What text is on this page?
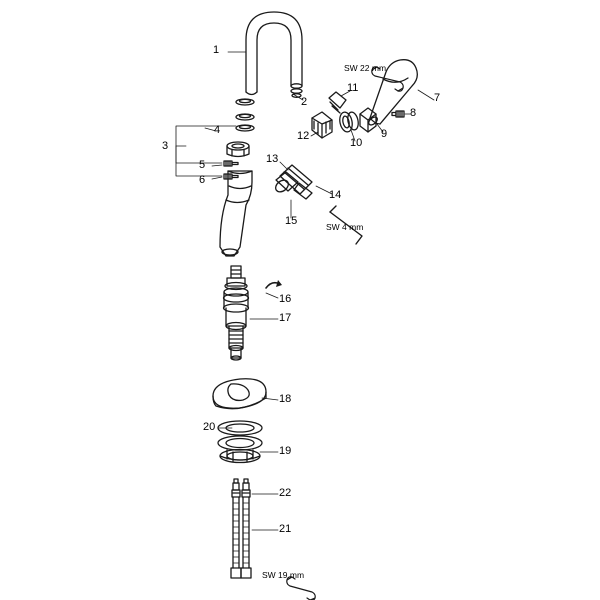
1
2
3
4
5
6
7
8
9
10
11
12
13
14
15
16
17
18
19
20
21
22
SW 22 mm
SW 4 mm
SW 19 mm
